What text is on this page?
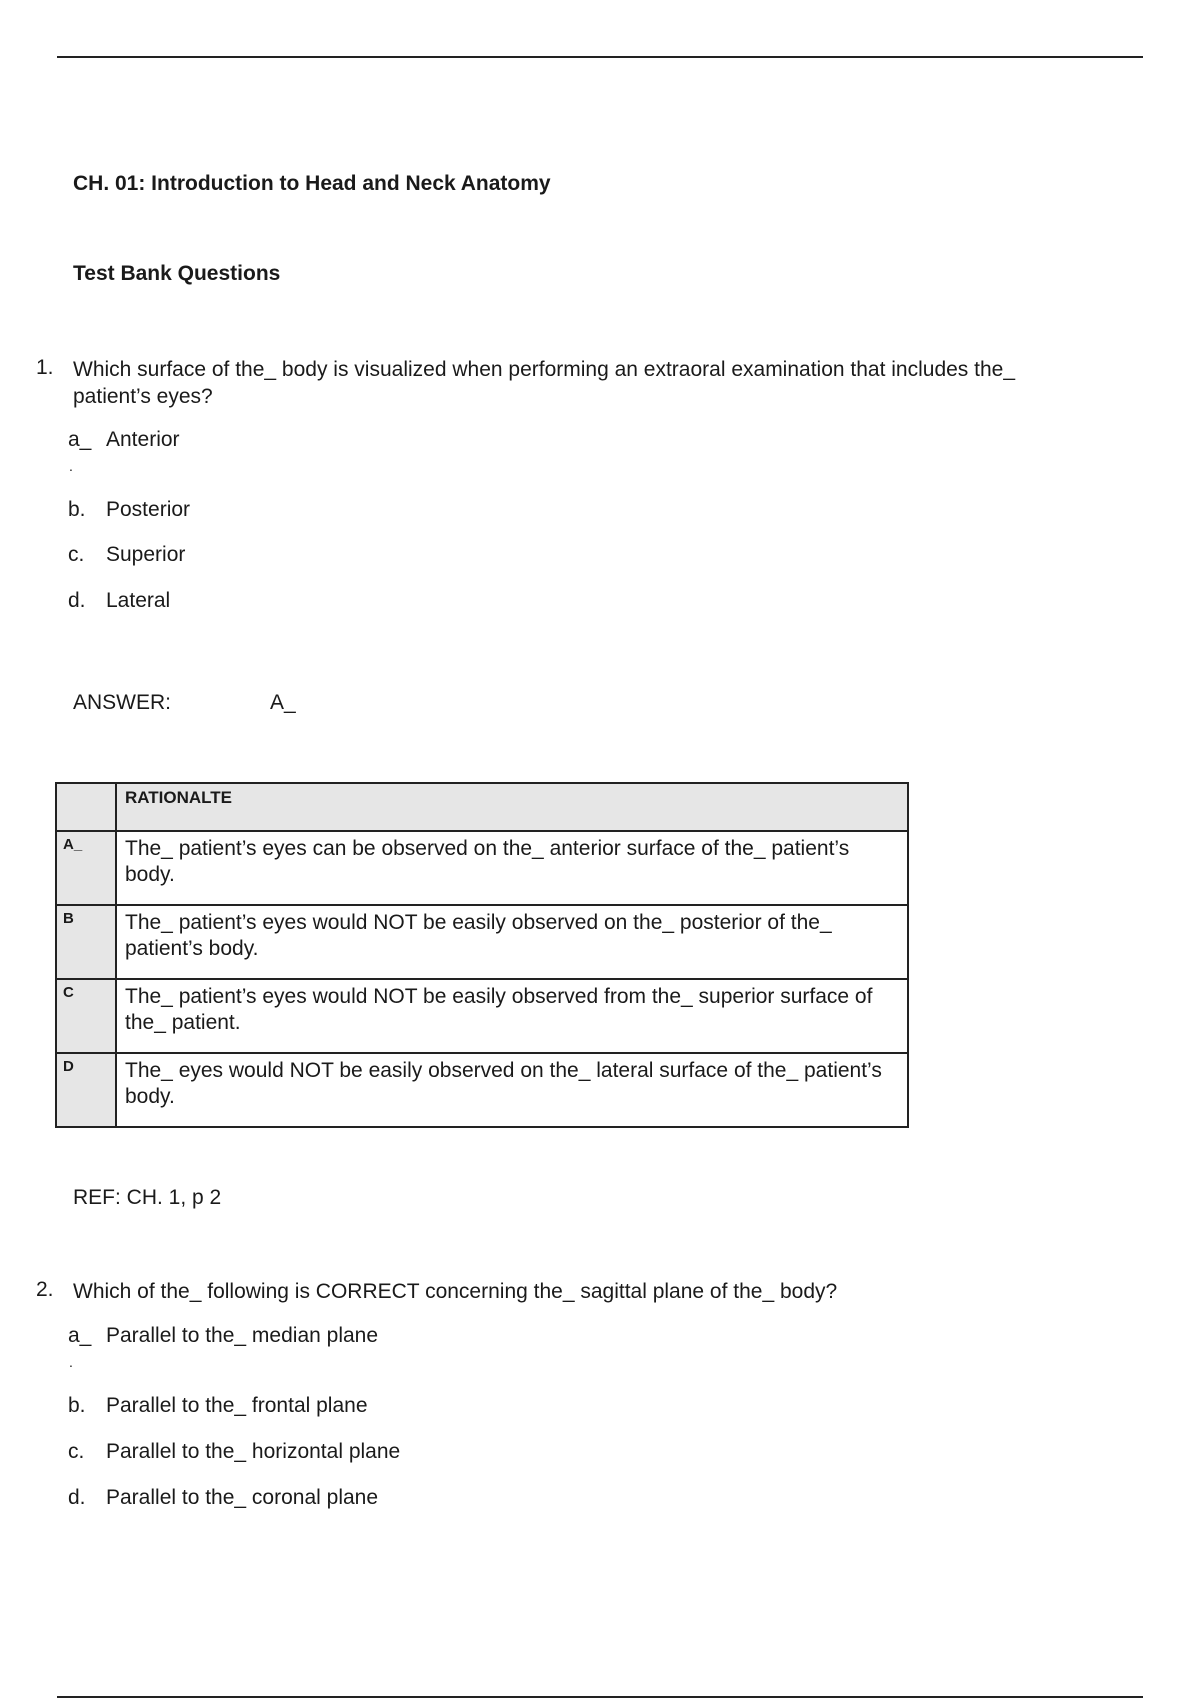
CH. 01: Introduction to Head and Neck Anatomy
Test Bank Questions
1. Which surface of the_ body is visualized when performing an extraoral examination that includes the_ patient’s eyes?
a_ Anterior
.
b. Posterior
c. Superior
d. Lateral
ANSWER:	A_
	RATIONALTE
A_	The_ patient’s eyes can be observed on the_ anterior surface of the_ patient’s body.
B	The_ patient’s eyes would NOT be easily observed on the_ posterior of the_ patient’s body.
C	The_ patient’s eyes would NOT be easily observed from the_ superior surface of the_ patient.
D	The_ eyes would NOT be easily observed on the_ lateral surface of the_ patient’s body.
REF: CH. 1, p 2
2. Which of the_ following is CORRECT concerning the_ sagittal plane of the_ body?
a_ Parallel to the_ median plane
.
b. Parallel to the_ frontal plane
c. Parallel to the_ horizontal plane
d. Parallel to the_ coronal plane
